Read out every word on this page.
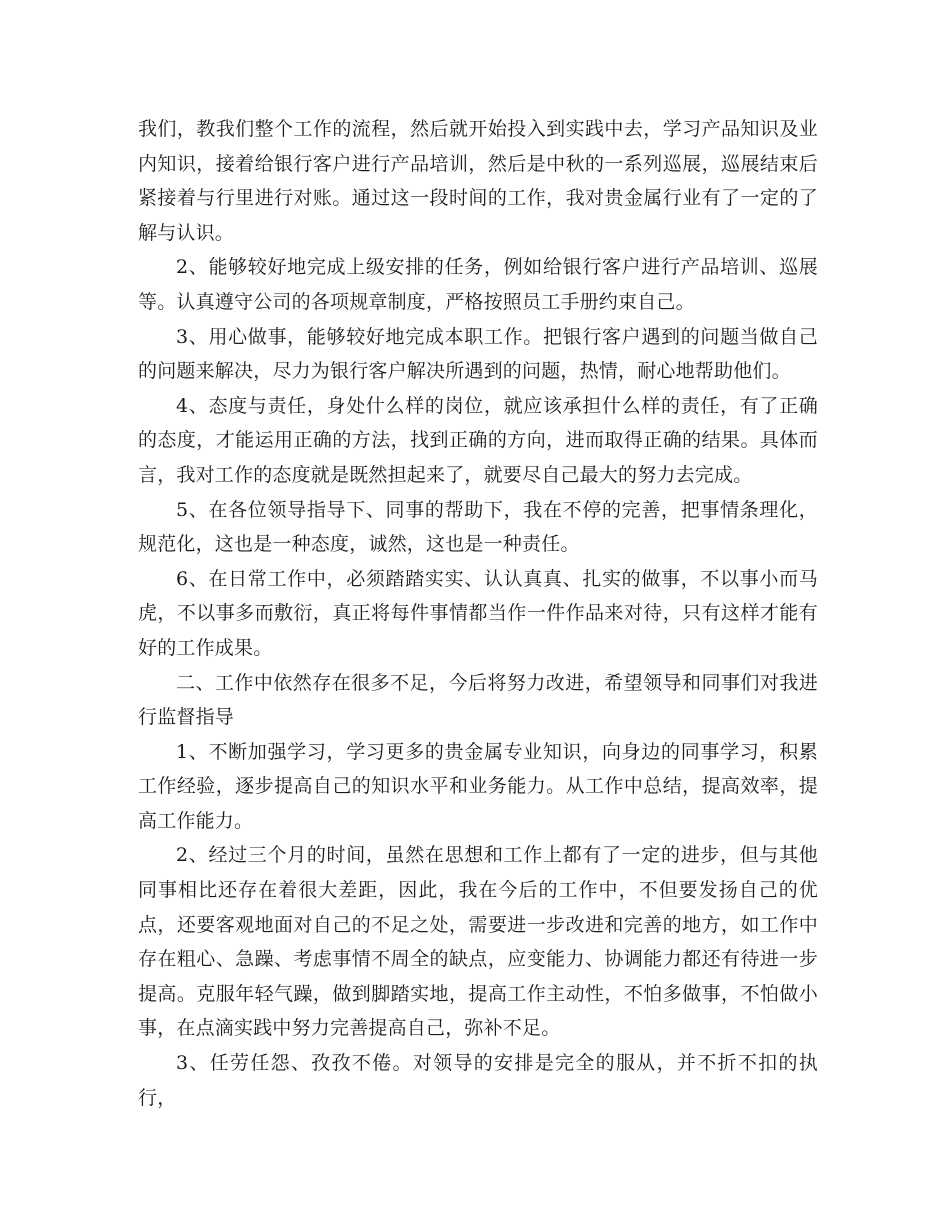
我们，教我们整个工作的流程，然后就开始投入到实践中去，学习产品知识及业内知识，接着给银行客户进行产品培训，然后是中秋的一系列巡展，巡展结束后紧接着与行里进行对账。通过这一段时间的工作，我对贵金属行业有了一定的了解与认识。

2、能够较好地完成上级安排的任务，例如给银行客户进行产品培训、巡展等。认真遵守公司的各项规章制度，严格按照员工手册约束自己。

3、用心做事，能够较好地完成本职工作。把银行客户遇到的问题当做自己的问题来解决，尽力为银行客户解决所遇到的问题，热情，耐心地帮助他们。

4、态度与责任，身处什么样的岗位，就应该承担什么样的责任，有了正确的态度，才能运用正确的方法，找到正确的方向，进而取得正确的结果。具体而言，我对工作的态度就是既然担起来了，就要尽自己最大的努力去完成。

5、在各位领导指导下、同事的帮助下，我在不停的完善，把事情条理化，规范化，这也是一种态度，诚然，这也是一种责任。

6、在日常工作中，必须踏踏实实、认认真真、扎实的做事，不以事小而马虎，不以事多而敷衍，真正将每件事情都当作一件作品来对待，只有这样才能有好的工作成果。

二、工作中依然存在很多不足，今后将努力改进，希望领导和同事们对我进行监督指导

1、不断加强学习，学习更多的贵金属专业知识，向身边的同事学习，积累工作经验，逐步提高自己的知识水平和业务能力。从工作中总结，提高效率，提高工作能力。

2、经过三个月的时间，虽然在思想和工作上都有了一定的进步，但与其他同事相比还存在着很大差距，因此，我在今后的工作中，不但要发扬自己的优点，还要客观地面对自己的不足之处，需要进一步改进和完善的地方，如工作中存在粗心、急躁、考虑事情不周全的缺点，应变能力、协调能力都还有待进一步提高。克服年轻气躁，做到脚踏实地，提高工作主动性，不怕多做事，不怕做小事，在点滴实践中努力完善提高自己，弥补不足。

3、任劳任怨、孜孜不倦。对领导的安排是完全的服从，并不折不扣的执行，
